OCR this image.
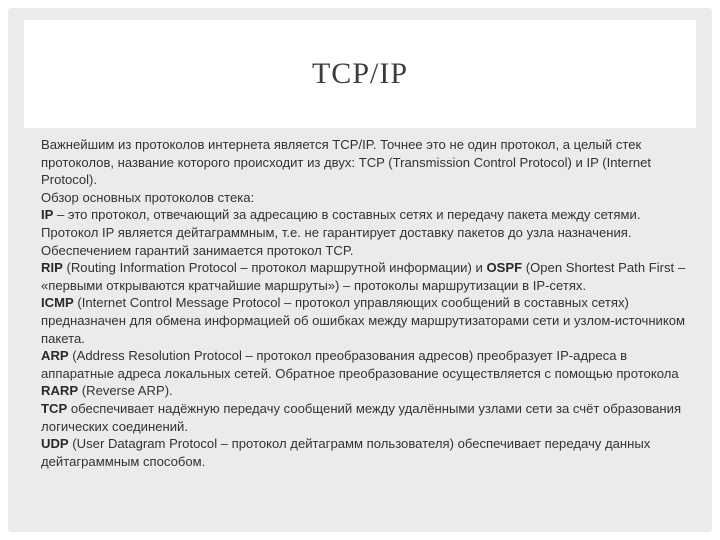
TCP/IP

Важнейшим из протоколов интернета является TCP/IP. Точнее это не один протокол, а целый стек протоколов, название которого происходит из двух: TCP (Transmission Control Protocol) и IP (Internet Protocol).

Обзор основных протоколов стека:

IP – это протокол, отвечающий за адресацию в составных сетях и передачу пакета между сетями. Протокол IP является дейтаграммным, т.е. не гарантирует доставку пакетов до узла назначения. Обеспечением гарантий занимается протокол TCP.

RIP (Routing Information Protocol – протокол маршрутной информации) и OSPF (Open Shortest Path First – «первыми открываются кратчайшие маршруты») – протоколы маршрутизации в IP-сетях.

ICMP (Internet Control Message Protocol – протокол управляющих сообщений в составных сетях) предназначен для обмена информацией об ошибках между маршрутизаторами сети и узлом-источником пакета.

ARP (Address Resolution Protocol – протокол преобразования адресов) преобразует IP-адреса в аппаратные адреса локальных сетей. Обратное преобразование осуществляется с помощью протокола RARP (Reverse ARP).

TCP обеспечивает надёжную передачу сообщений между удалёнными узлами сети за счёт образования логических соединений.

UDP (User Datagram Protocol – протокол дейтаграмм пользователя) обеспечивает передачу данных дейтаграммным способом.
